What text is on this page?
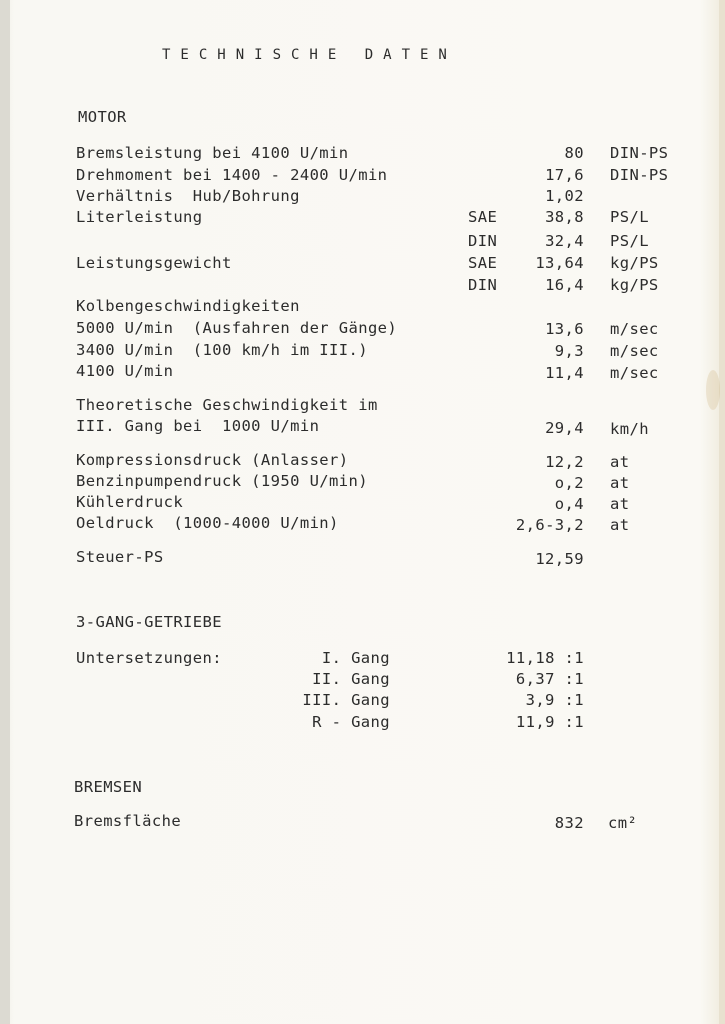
TECHNISCHE DATEN
MOTOR
Bremsleistung bei 4100 U/min	80 DIN-PS
Drehmoment bei 1400 - 2400 U/min	17,6 DIN-PS
Verhältnis  Hub/Bohrung	1,02
Literleistung	SAE	38,8 PS/L
DIN	32,4 PS/L
Leistungsgewicht	SAE	13,64 kg/PS
DIN	16,4 kg/PS
Kolbengeschwindigkeiten
5000 U/min  (Ausfahren der Gänge)	13,6 m/sec
3400 U/min  (100 km/h im III.)	9,3 m/sec
4100 U/min	11,4 m/sec
Theoretische Geschwindigkeit im
III. Gang bei  1000 U/min	29,4 km/h
Kompressionsdruck (Anlasser)	12,2 at
Benzinpumpendruck (1950 U/min)	o,2 at
Kühlerdruck	o,4 at
Oeldruck  (1000-4000 U/min)	2,6-3,2 at
Steuer-PS	12,59
3-GANG-GETRIEBE
Untersetzungen:	I. Gang	11,18 :1
II. Gang	6,37 :1
III. Gang	3,9 :1
R - Gang	11,9 :1
BREMSEN
Bremsfläche	832 cm²
